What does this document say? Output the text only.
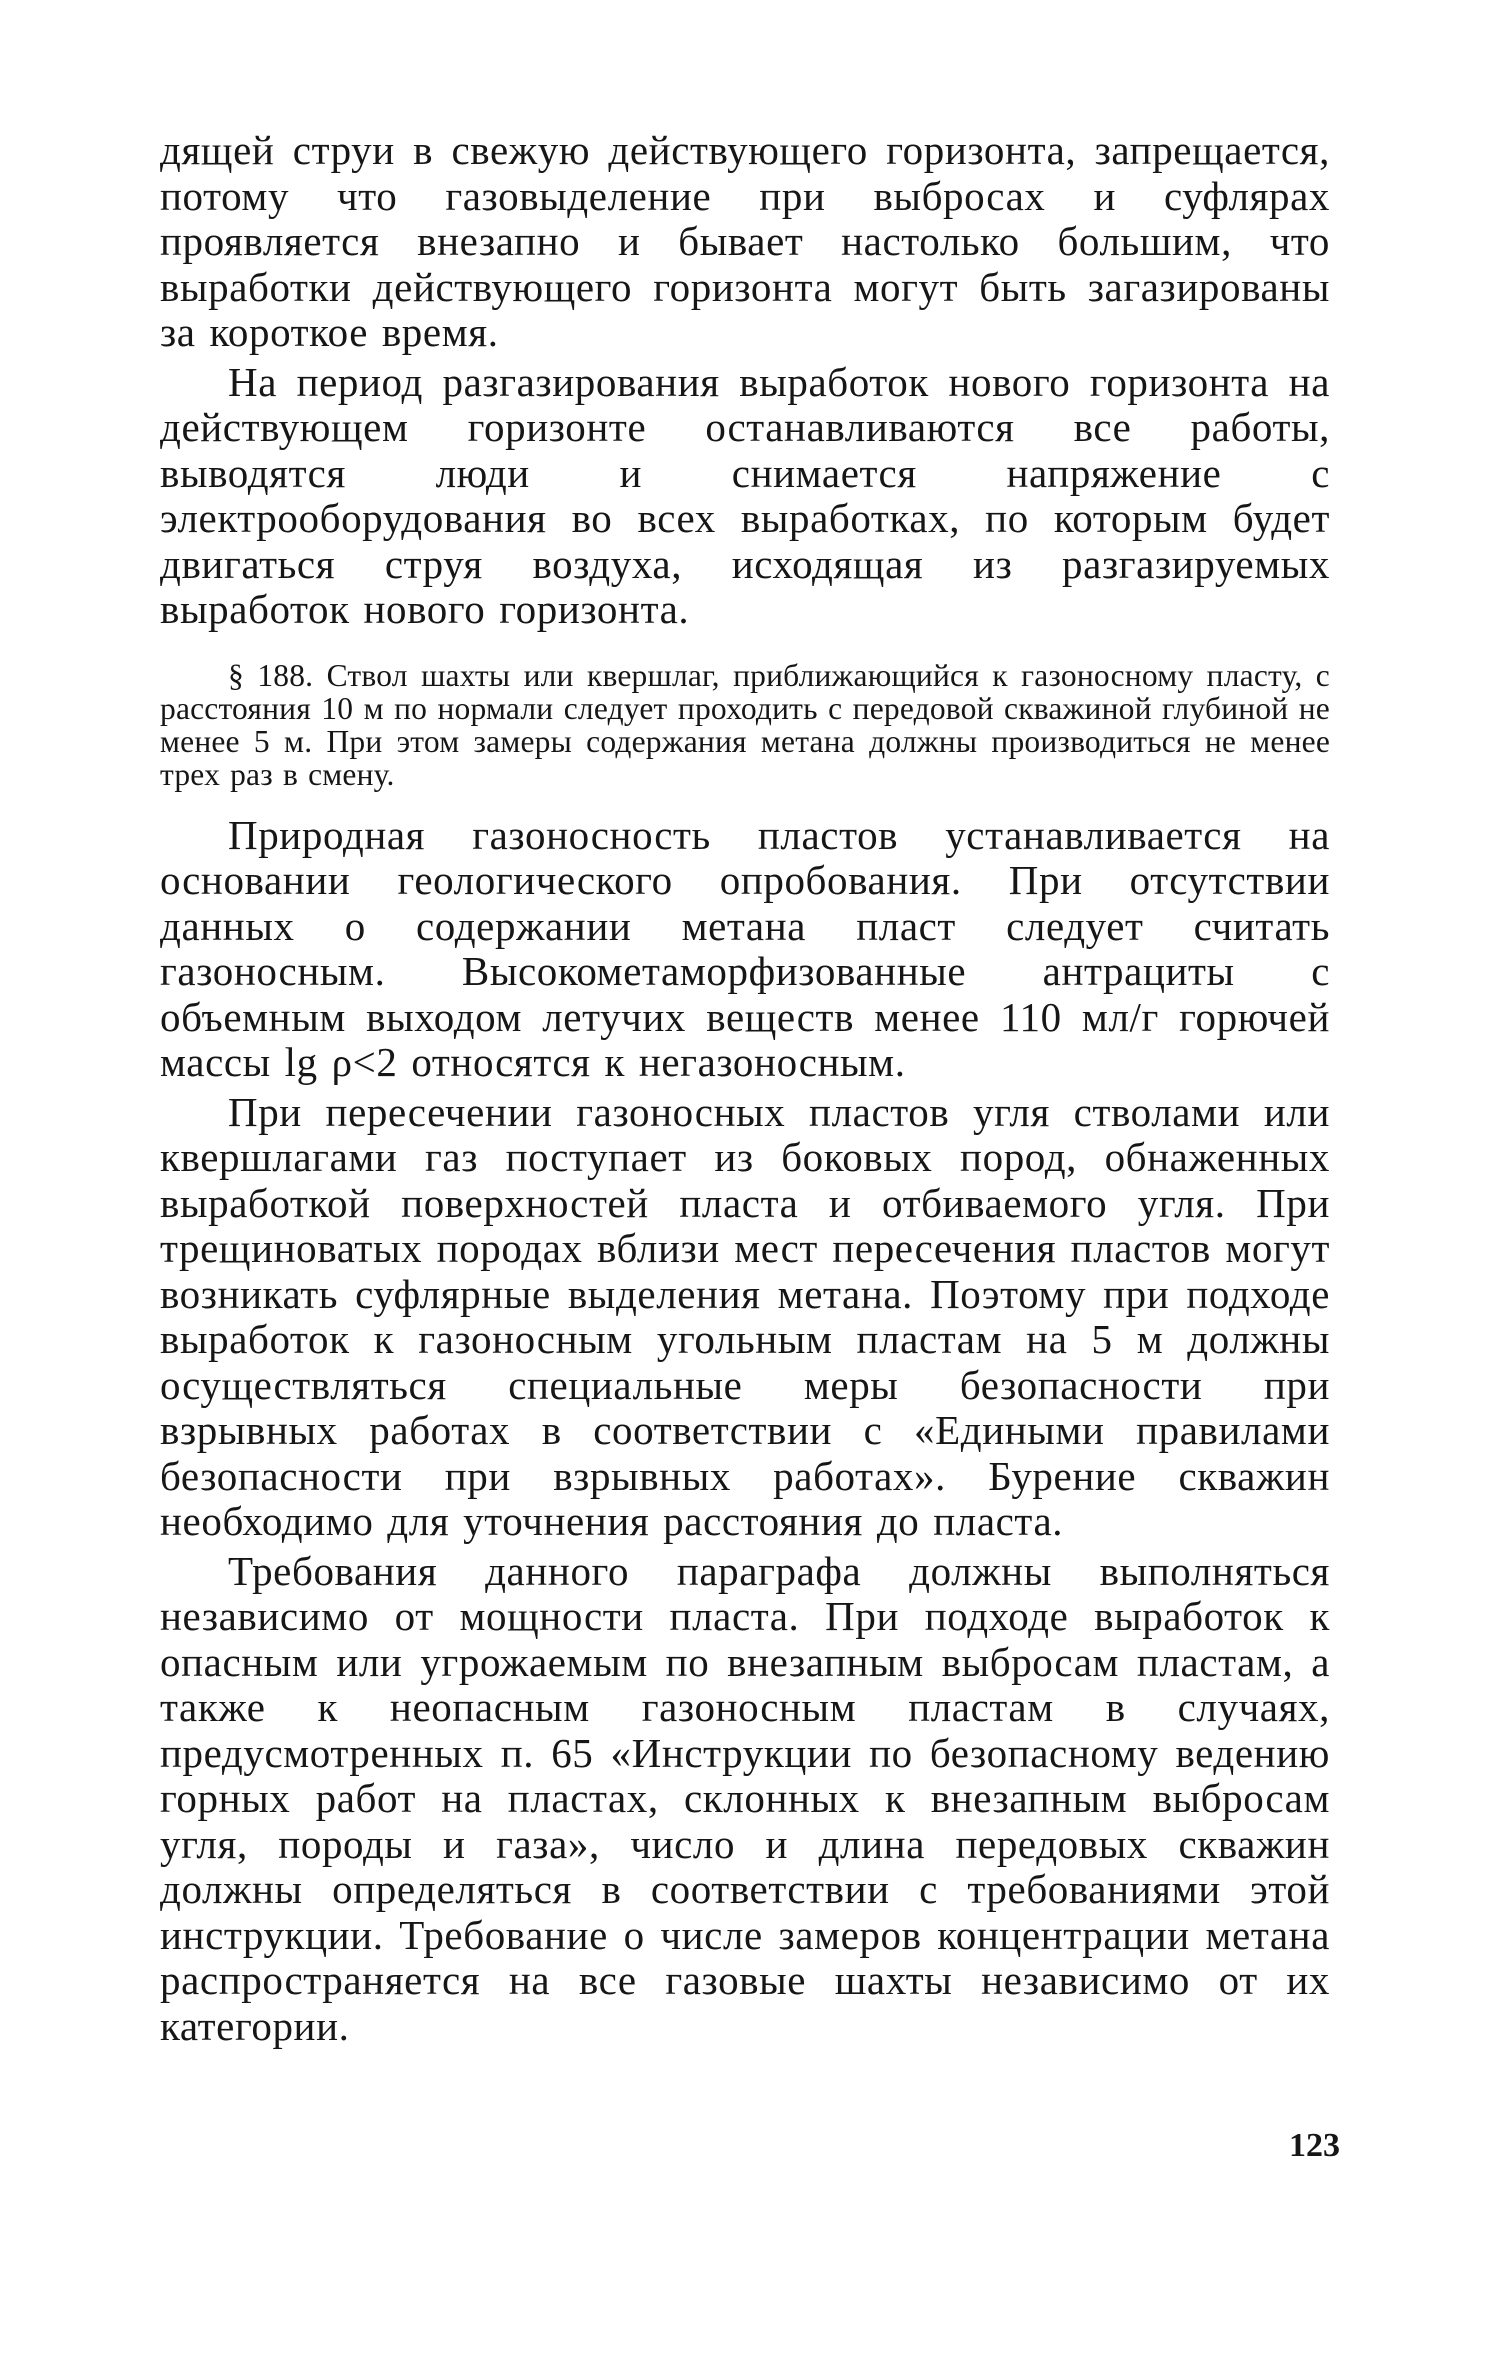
дящей струи в свежую действующего горизонта, запрещается, потому что газовыделение при выбросах и суфлярах проявляется внезапно и бывает настолько большим, что выработки действующего горизонта могут быть загазированы за короткое время.

На период разгазирования выработок нового горизонта на действующем горизонте останавливаются все работы, выводятся люди и снимается напряжение с электрооборудования во всех выработках, по которым будет двигаться струя воздуха, исходящая из разгазируемых выработок нового горизонта.

§ 188. Ствол шахты или квершлаг, приближающийся к газоносному пласту, с расстояния 10 м по нормали следует проходить с передовой скважиной глубиной не менее 5 м. При этом замеры содержания метана должны производиться не менее трех раз в смену.

Природная газоносность пластов устанавливается на основании геологического опробования. При отсутствии данных о содержании метана пласт следует считать газоносным. Высокометаморфизованные антрациты с объемным выходом летучих веществ менее 110 мл/г горючей массы lg ρ<2 относятся к негазоносным.

При пересечении газоносных пластов угля стволами или квершлагами газ поступает из боковых пород, обнаженных выработкой поверхностей пласта и отбиваемого угля. При трещиноватых породах вблизи мест пересечения пластов могут возникать суфлярные выделения метана. Поэтому при подходе выработок к газоносным угольным пластам на 5 м должны осуществляться специальные меры безопасности при взрывных работах в соответствии с «Едиными правилами безопасности при взрывных работах». Бурение скважин необходимо для уточнения расстояния до пласта.

Требования данного параграфа должны выполняться независимо от мощности пласта. При подходе выработок к опасным или угрожаемым по внезапным выбросам пластам, а также к неопасным газоносным пластам в случаях, предусмотренных п. 65 «Инструкции по безопасному ведению горных работ на пластах, склонных к внезапным выбросам угля, породы и газа», число и длина передовых скважин должны определяться в соответствии с требованиями этой инструкции. Требование о числе замеров концентрации метана распространяется на все газовые шахты независимо от их категории.

123
